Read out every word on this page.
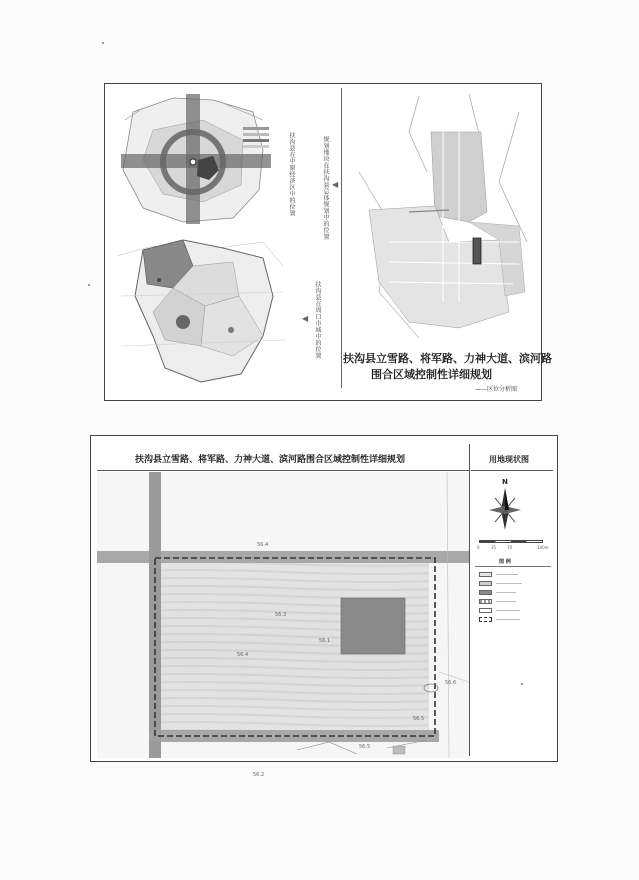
扶沟县在中原经济区中的位置	规划地块在扶沟县总体规划中的位置 ◀
◀ 扶沟县在周口市域中的位置 扶沟县立雪路、将军路、力神大道、滨河路
围合区域控制性详细规划
——区位分析图
扶沟县立雪路、将军路、力神大道、滨河路围合区域控制性详细规划	用地现状图
56.4
56.3
56.1
56.5
56.6
56.2
56.5
56.4
N
0	35	70	140m
图 例
